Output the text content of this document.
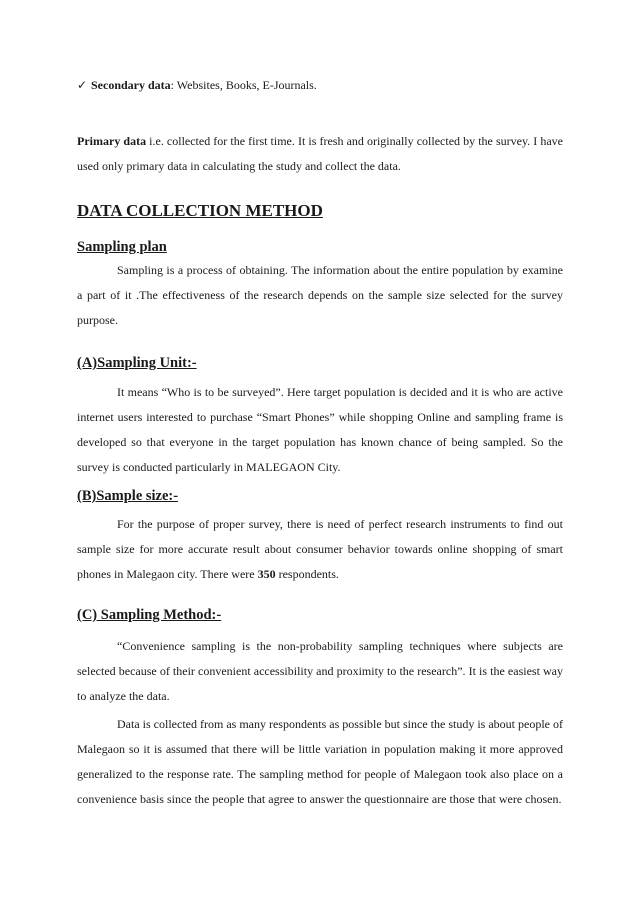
✓ Secondary data: Websites, Books, E-Journals.

Primary data i.e. collected for the first time. It is fresh and originally collected by the survey. I have used only primary data in calculating the study and collect the data.

DATA COLLECTION METHOD
Sampling plan

Sampling is a process of obtaining. The information about the entire population by examine a part of it .The effectiveness of the research depends on the sample size selected for the survey purpose.

(A)Sampling Unit:-

It means “Who is to be surveyed”. Here target population is decided and it is who are active internet users interested to purchase “Smart Phones” while shopping Online and sampling frame is developed so that everyone in the target population has known chance of being sampled. So the survey is conducted particularly in MALEGAON City.

(B)Sample size:-

For the purpose of proper survey, there is need of perfect research instruments to find out sample size for more accurate result about consumer behavior towards online shopping of smart phones in Malegaon city. There were 350 respondents.

(C) Sampling Method:-

“Convenience sampling is the non-probability sampling techniques where subjects are selected because of their convenient accessibility and proximity to the research”. It is the easiest way to analyze the data.

Data is collected from as many respondents as possible but since the study is about people of Malegaon so it is assumed that there will be little variation in population making it more approved generalized to the response rate. The sampling method for people of Malegaon took also place on a convenience basis since the people that agree to answer the questionnaire are those that were chosen.
